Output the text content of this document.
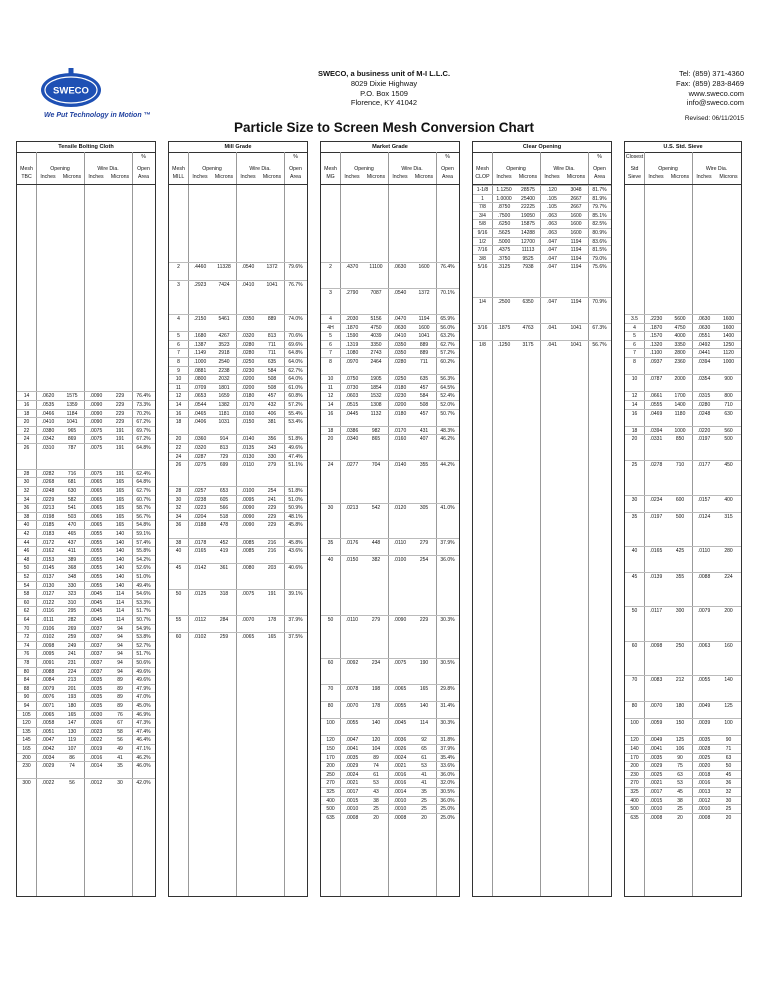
SWECO

We Put Technology in Motion ™

SWECO, a business unit of M-I L.L.C.
8029 Dixie Highway
P.O. Box 1509
Florence, KY 41042
Tel: (859) 371-4360
Fax: (859) 283-8469
www.sweco.com
info@sweco.com
Revised: 06/11/2015
Particle Size to Screen Mesh Conversion Chart
Tensile Bolting Cloth
Mesh
TBC
Opening	Wire Dia.
Inches	Microns	Inches	Microns
%
Open
Area
14	.0620	1575	.0090	229	76.4%
16	.0535	1359	.0090	229	73.3%
18	.0466	1184	.0090	229	70.2%
20	.0410	1041	.0090	229	67.2%
22	.0380	965	.0075	191	69.7%
24	.0342	869	.0075	191	67.2%
26	.0310	787	.0075	191	64.8%
28	.0282	716	.0075	191	62.4%
30	.0268	681	.0065	165	64.8%
32	.0248	630	.0065	165	62.7%
34	.0229	582	.0065	165	60.7%
36	.0213	541	.0065	165	58.7%
38	.0198	503	.0065	165	56.7%
40	.0185	470	.0065	165	54.8%
42	.0183	465	.0055	140	59.1%
44	.0172	437	.0055	140	57.4%
46	.0162	411	.0055	140	55.8%
48	.0153	389	.0055	140	54.2%
50	.0145	368	.0055	140	52.6%
52	.0137	348	.0055	140	51.0%
54	.0130	330	.0055	140	49.4%
58	.0127	323	.0045	114	54.6%
60	.0122	310	.0045	114	53.3%
62	.0116	295	.0045	114	51.7%
64	.0111	282	.0045	114	50.7%
70	.0106	269	.0037	94	54.9%
72	.0102	259	.0037	94	53.8%
74	.0098	249	.0037	94	52.7%
76	.0095	241	.0037	94	51.7%
78	.0091	231	.0037	94	50.6%
80	.0088	224	.0037	94	49.6%
84	.0084	213	.0035	89	49.6%
88	.0079	201	.0035	89	47.9%
90	.0076	193	.0035	89	47.0%
94	.0071	180	.0035	89	45.0%
105	.0065	165	.0030	76	46.9%
120	.0058	147	.0026	67	47.3%
135	.0051	130	.0023	58	47.4%
145	.0047	119	.0022	56	46.4%
165	.0042	107	.0019	49	47.1%
200	.0034	86	.0016	41	46.2%
230	.0029	74	.0014	35	46.0%
300	.0022	56	.0012	30	42.0%
Mill Grade
Mesh
MILL
Opening	Wire Dia.
Inches	Microns	Inches	Microns
%
Open
Area
2	.4460	11328	.0540	1372	79.6%
3	.2923	7424	.0410	1041	76.7%
4	.2150	5461	.0350	889	74.0%
5	.1680	4267	.0320	813	70.6%
6	.1387	3523	.0280	711	69.6%
7	.1149	2918	.0280	711	64.8%
8	.1000	2540	.0250	635	64.0%
9	.0881	2238	.0230	584	62.7%
10	.0800	2032	.0200	508	64.0%
11	.0709	1801	.0200	508	61.0%
12	.0653	1659	.0180	457	60.8%
14	.0544	1382	.0170	432	57.2%
16	.0465	1181	.0160	406	55.4%
18	.0406	1031	.0150	381	53.4%
20	.0360	914	.0140	356	51.8%
22	.0320	813	.0135	343	49.6%
24	.0287	729	.0130	330	47.4%
26	.0275	699	.0110	279	51.1%
28	.0257	653	.0100	254	51.8%
30	.0238	605	.0095	241	51.0%
32	.0223	566	.0090	229	50.9%
34	.0204	518	.0090	229	48.1%
36	.0188	478	.0090	229	45.8%
38	.0178	452	.0085	216	45.8%
40	.0165	419	.0085	216	43.6%
45	.0142	361	.0080	203	40.6%
50	.0125	318	.0075	191	39.1%
55	.0112	284	.0070	178	37.9%
60	.0102	259	.0065	165	37.5%
Market Grade
Mesh
MG
Opening	Wire Dia.
Inches	Microns	Inches	Microns
%
Open
Area
2	.4370	11100	.0630	1600	76.4%
3	.2790	7087	.0540	1372	70.1%
4	.2030	5156	.0470	1194	65.9%
4H	.1870	4750	.0630	1600	56.0%
5	.1590	4039	.0410	1041	63.2%
6	.1319	3350	.0350	889	62.7%
7	.1080	2743	.0350	889	57.2%
8	.0970	2464	.0280	711	60.2%
10	.0750	1905	.0250	635	56.3%
11	.0730	1854	.0180	457	64.5%
12	.0603	1532	.0230	584	52.4%
14	.0515	1308	.0200	508	52.0%
16	.0445	1132	.0180	457	50.7%
18	.0386	982	.0170	431	48.3%
20	.0340	865	.0160	407	46.2%
24	.0277	704	.0140	355	44.2%
30	.0213	542	.0120	305	41.0%
35	.0176	448	.0110	279	37.9%
40	.0150	382	.0100	254	36.0%
50	.0110	279	.0090	229	30.3%
60	.0092	234	.0075	190	30.5%
70	.0078	198	.0065	165	29.8%
80	.0070	178	.0055	140	31.4%
100	.0055	140	.0045	114	30.3%
120	.0047	120	.0036	92	31.8%
150	.0041	104	.0026	65	37.9%
170	.0035	89	.0024	61	35.4%
200	.0029	74	.0021	53	33.6%
250	.0024	61	.0016	41	36.0%
270	.0021	53	.0016	41	32.0%
325	.0017	43	.0014	35	30.5%
400	.0015	38	.0010	25	36.0%
500	.0010	25	.0010	25	25.0%
635	.0008	20	.0008	20	25.0%
Clear Opening
Mesh
CLOP
Opening	Wire Dia.
Inches	Microns	Inches	Microns
%
Open
Area
1-1/8	1.1250	28575	.120	3048	81.7%
1	1.0000	25400	.105	2667	81.9%
7/8	.8750	22225	.105	2667	79.7%
3/4	.7500	19050	.063	1600	85.1%
5/8	.6250	15875	.063	1600	82.5%
9/16	.5625	14288	.063	1600	80.9%
1/2	.5000	12700	.047	1194	83.6%
7/16	.4375	11113	.047	1194	81.5%
3/8	.3750	9525	.047	1194	79.0%
5/16	.3125	7938	.047	1194	75.6%
1/4	.2500	6350	.047	1194	70.9%
3/16	.1875	4763	.041	1041	67.3%
1/8	.1250	3175	.041	1041	56.7%
U.S. Std. Sieve
Closest
Std
Sieve
Opening	Wire Dia.
Inches	Microns	Inches	Microns
3.5	.2230	5600	.0630	1600
4	.1870	4750	.0630	1600
5	.1570	4000	.0551	1400
6	.1320	3350	.0492	1250
7	.1100	2800	.0441	1120
8	.0937	2360	.0394	1000
10	.0787	2000	.0354	900
12	.0661	1700	.0315	800
14	.0555	1400	.0280	710
16	.0469	1180	.0248	630
18	.0394	1000	.0220	560
20	.0331	850	.0197	500
25	.0278	710	.0177	450
30	.0234	600	.0157	400
35	.0197	500	.0124	315
40	.0165	425	.0110	280
45	.0139	355	.0088	224
50	.0117	300	.0079	200
60	.0098	250	.0063	160
70	.0083	212	.0055	140
80	.0070	180	.0049	125
100	.0059	150	.0039	100
120	.0049	125	.0035	90
140	.0041	106	.0028	71
170	.0035	90	.0025	63
200	.0029	75	.0020	50
230	.0025	63	.0018	45
270	.0021	53	.0016	36
325	.0017	45	.0013	32
400	.0015	38	.0012	30
500	.0010	25	.0010	25
635	.0008	20	.0008	20
